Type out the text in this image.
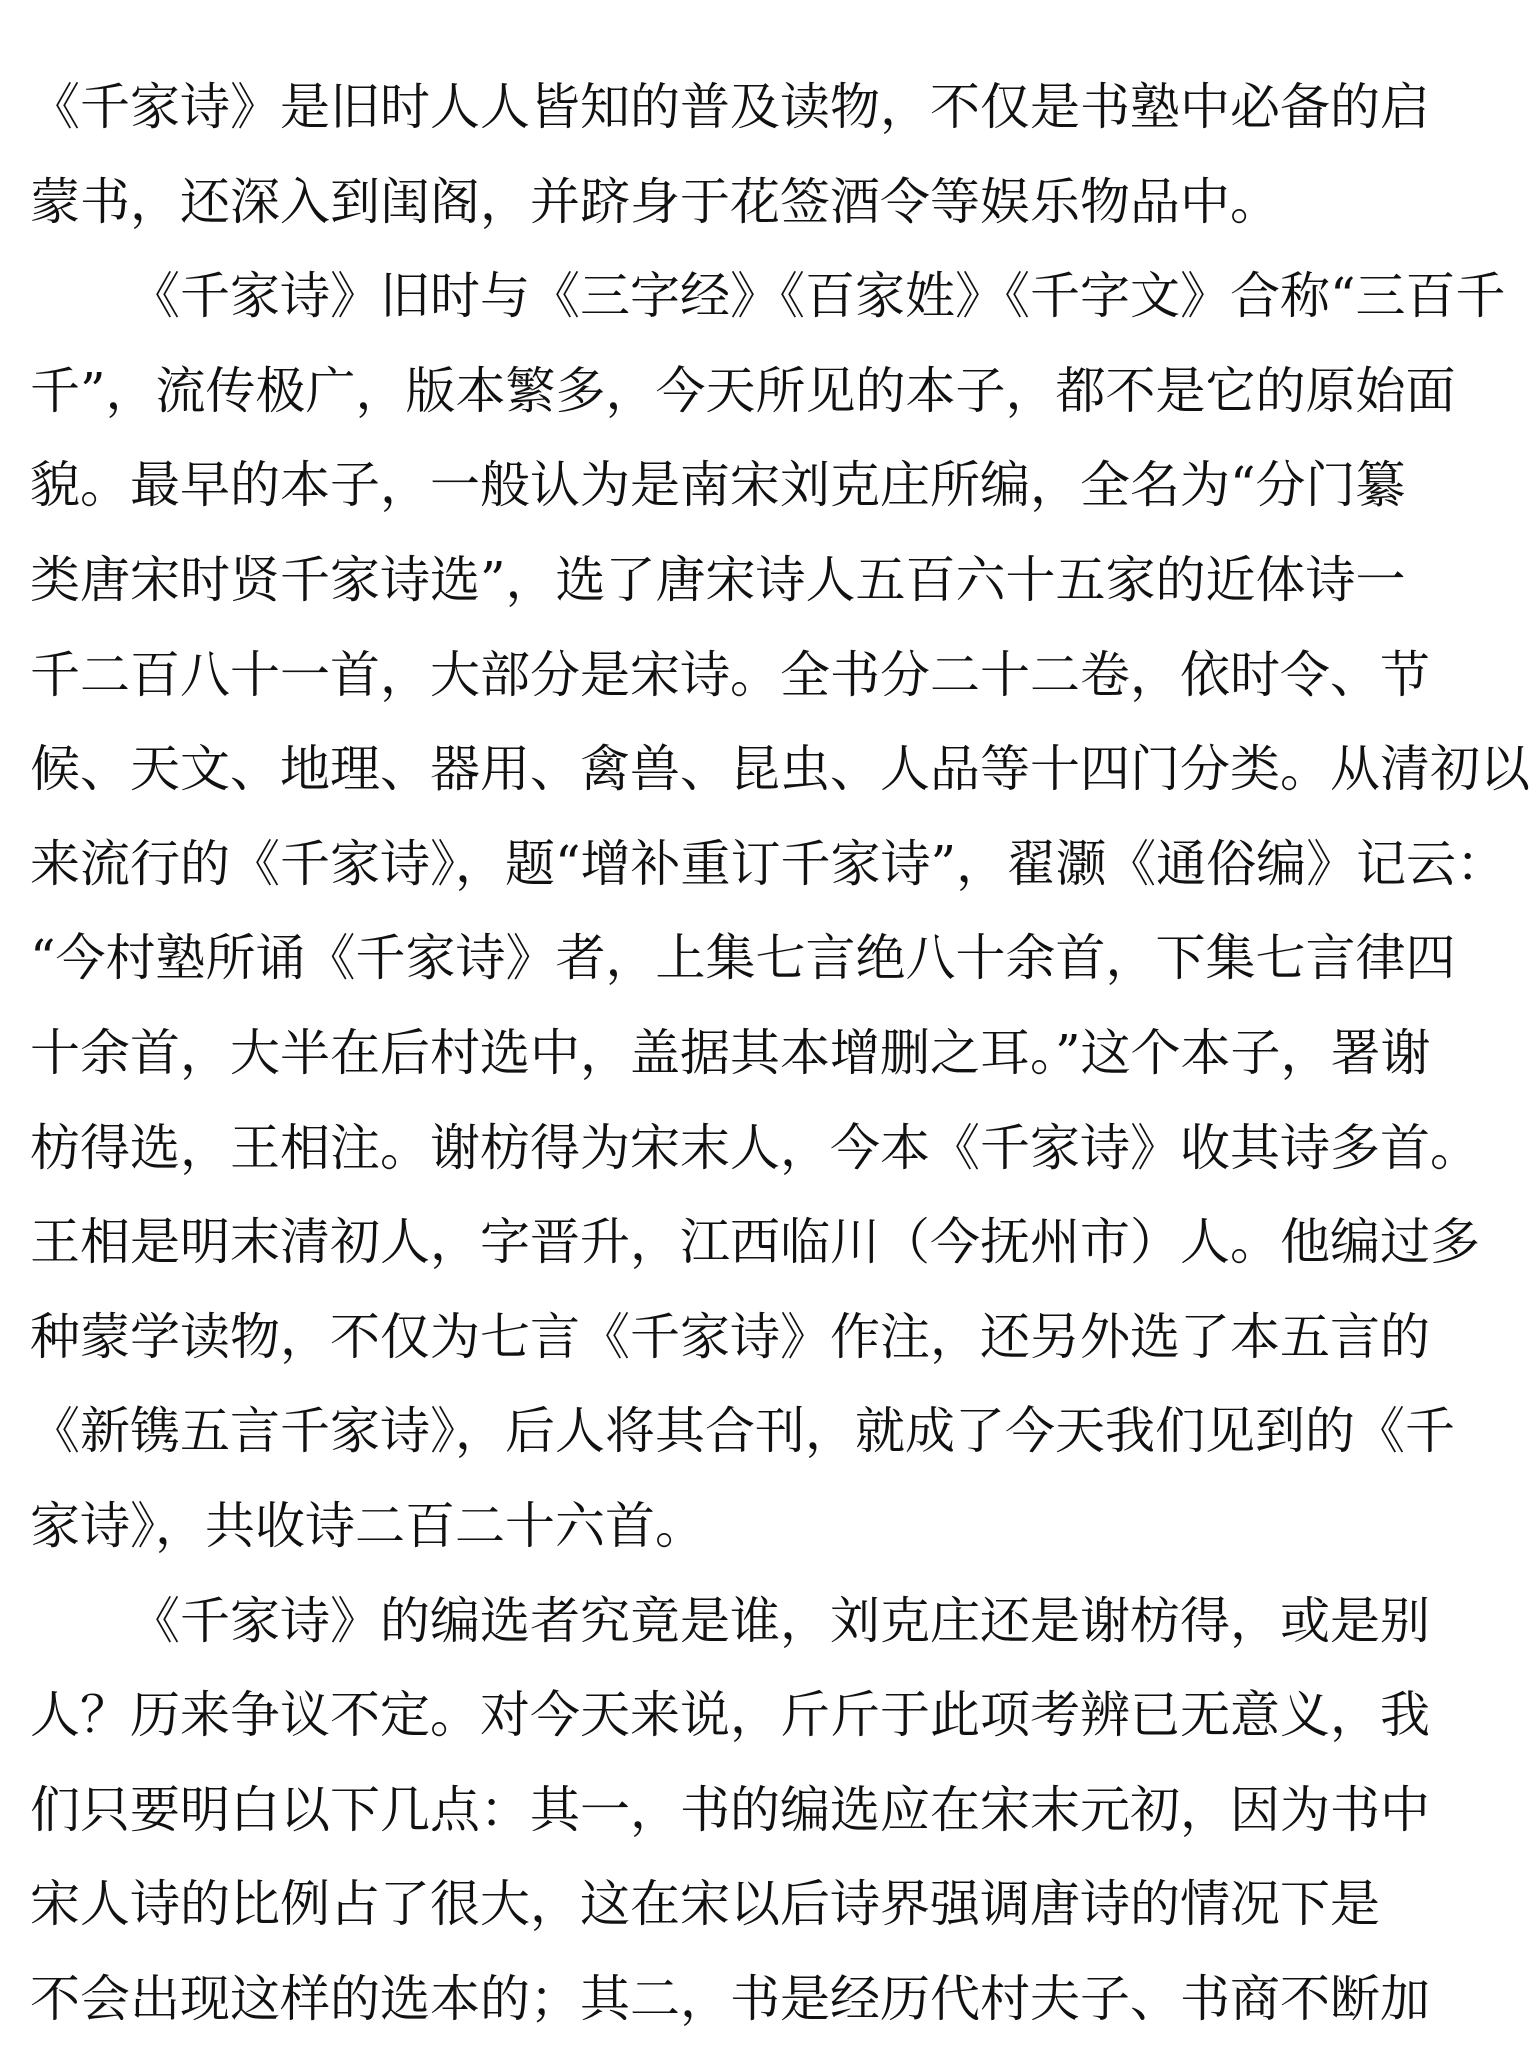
《千家诗》是旧时人人皆知的普及读物，不仅是书塾中必备的启
蒙书，还深入到闺阁，并跻身于花签酒令等娱乐物品中。
《千家诗》旧时与《三字经》《百家姓》《千字文》合称“三百千
千”，流传极广，版本繁多，今天所见的本子，都不是它的原始面
貌。最早的本子，一般认为是南宋刘克庄所编，全名为“分门纂
类唐宋时贤千家诗选”，选了唐宋诗人五百六十五家的近体诗一
千二百八十一首，大部分是宋诗。全书分二十二卷，依时令、节
候、天文、地理、器用、禽兽、昆虫、人品等十四门分类。从清初以
来流行的《千家诗》，题“增补重订千家诗”，翟灏《通俗编》记云：
“今村塾所诵《千家诗》者，上集七言绝八十余首，下集七言律四
十余首，大半在后村选中，盖据其本增删之耳。”这个本子，署谢
枋得选，王相注。谢枋得为宋末人，今本《千家诗》收其诗多首。
王相是明末清初人，字晋升，江西临川（今抚州市）人。他编过多
种蒙学读物，不仅为七言《千家诗》作注，还另外选了本五言的
《新镌五言千家诗》，后人将其合刊，就成了今天我们见到的《千
家诗》，共收诗二百二十六首。
《千家诗》的编选者究竟是谁，刘克庄还是谢枋得，或是别
人？历来争议不定。对今天来说，斤斤于此项考辨已无意义，我
们只要明白以下几点：其一，书的编选应在宋末元初，因为书中
宋人诗的比例占了很大，这在宋以后诗界强调唐诗的情况下是
不会出现这样的选本的；其二，书是经历代村夫子、书商不断加
